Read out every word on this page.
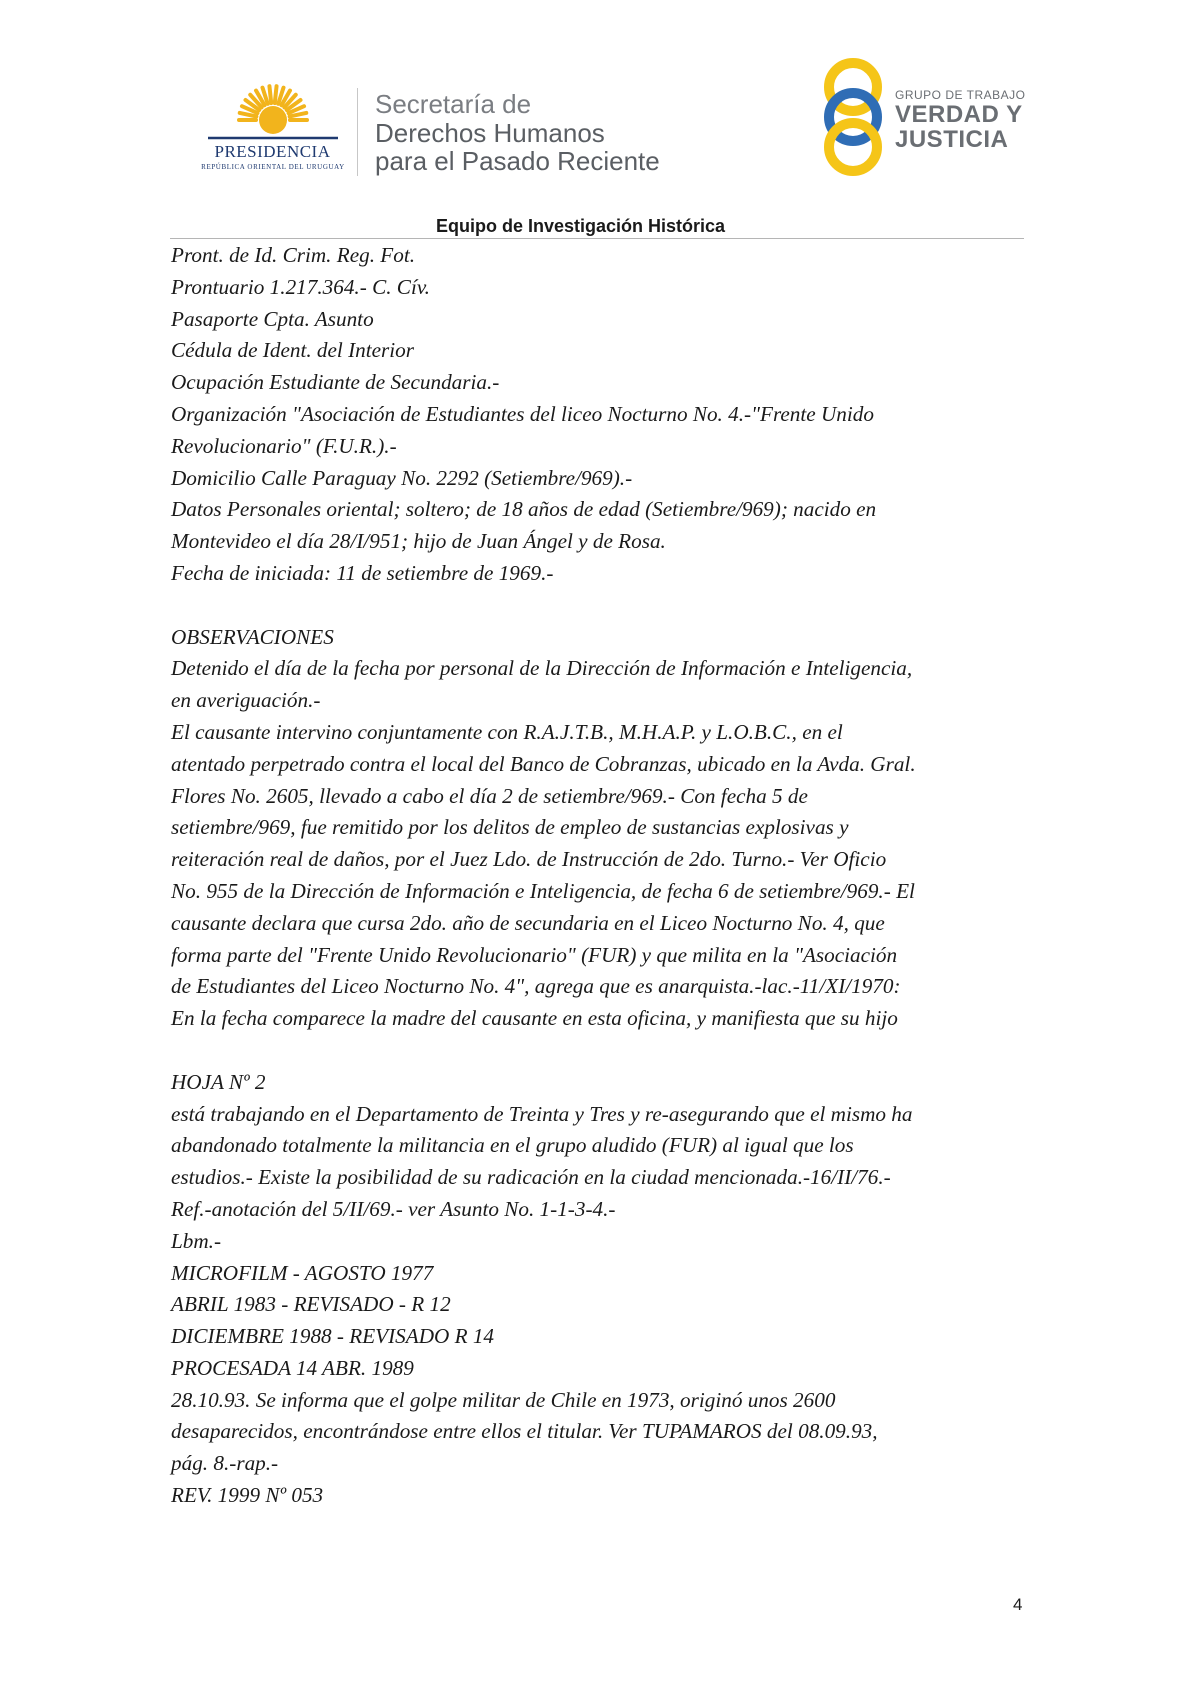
PRESIDENCIA
REPÚBLICA ORIENTAL DEL URUGUAY
Secretaría de
Derechos Humanos
para el Pasado Reciente
GRUPO DE TRABAJO
VERDAD Y
JUSTICIA
Equipo de Investigación Histórica

Pront. de Id. Crim. Reg. Fot.

Prontuario 1.217.364.- C. Cív.

Pasaporte Cpta. Asunto

Cédula de Ident. del Interior

Ocupación Estudiante de Secundaria.-

Organización "Asociación de Estudiantes del liceo Nocturno No. 4.-"Frente Unido

Revolucionario" (F.U.R.).-

Domicilio Calle Paraguay No. 2292 (Setiembre/969).-

Datos Personales oriental; soltero; de 18 años de edad (Setiembre/969); nacido en

Montevideo el día 28/I/951; hijo de Juan Ángel y de Rosa.

Fecha de iniciada: 11 de setiembre de 1969.-

OBSERVACIONES

Detenido el día de la fecha por personal de la Dirección de Información e Inteligencia,

en averiguación.-

El causante intervino conjuntamente con R.A.J.T.B., M.H.A.P. y L.O.B.C., en el

atentado perpetrado contra el local del Banco de Cobranzas, ubicado en la Avda. Gral.

Flores No. 2605, llevado a cabo el día 2 de setiembre/969.- Con fecha 5 de

setiembre/969, fue remitido por los delitos de empleo de sustancias explosivas y

reiteración real de daños, por el Juez Ldo. de Instrucción de 2do. Turno.- Ver Oficio

No. 955 de la Dirección de Información e Inteligencia, de fecha 6 de setiembre/969.- El

causante declara que cursa 2do. año de secundaria en el Liceo Nocturno No. 4, que

forma parte del "Frente Unido Revolucionario" (FUR) y que milita en la "Asociación

de Estudiantes del Liceo Nocturno No. 4", agrega que es anarquista.-lac.-11/XI/1970:

En la fecha comparece la madre del causante en esta oficina, y manifiesta que su hijo

HOJA Nº 2

está trabajando en el Departamento de Treinta y Tres y re-asegurando que el mismo ha

abandonado totalmente la militancia en el grupo aludido (FUR) al igual que los

estudios.- Existe la posibilidad de su radicación en la ciudad mencionada.-16/II/76.-

Ref.-anotación del 5/II/69.- ver Asunto No. 1-1-3-4.-

Lbm.-

MICROFILM - AGOSTO 1977

ABRIL 1983 - REVISADO - R 12

DICIEMBRE 1988 - REVISADO R 14

PROCESADA 14 ABR. 1989

28.10.93. Se informa que el golpe militar de Chile en 1973, originó unos 2600

desaparecidos, encontrándose entre ellos el titular. Ver TUPAMAROS del 08.09.93,

pág. 8.-rap.-

REV. 1999 Nº 053

4
